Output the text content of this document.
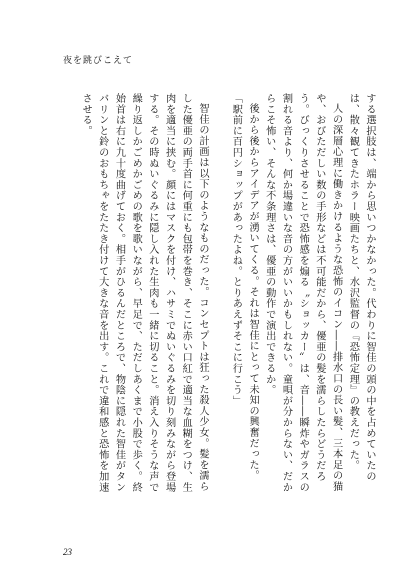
夜を跳びこえて

する選択肢は、端から思いつかなかった。代わりに智佳の頭の中を占めていたのは、散々観てきたホラー映画たちと、水沢監督の『恐怖定理』の教えだった。

人の深層心理に働きかけるような恐怖のイコン――排水口の長い髪、三本足の猫や、おびただしい数の手形などは不可能だから、優亜の髪を濡らしたらどうだろう。びっくりさせることで恐怖感を煽る〝ショッカー〟は、音――瞬炸やガラスの割れる音より、何か場違いな音の方がいいかもしれない。童唄が分からない、だからこそ怖い、そんな不条理さは、優亜の動作で演出できるか。

後から後からアイデアが湧いてくる。それは智佳にとって未知の興奮だった。

「駅前に百円ショップがあったよね。とりあえずそこに行こう」

智佳の計画は以下のようなものだった。コンセプトは狂った殺人少女。髪を濡らした優亜の両手首に何重にも包帯を巻き、そこに赤い口紅で適当な血糊をつけ、生肉を適当に挟む。顔にはマスクを付け、ハサミでぬいぐるみを切り刻みながら登場する。その時ぬいぐるみに隠し入れた生肉も一緒に切ること。消え入りそうな声で繰り返しかごめかごめの歌を歌いながら、早足で、ただしあくまで小股で歩く。終始首は右に九十度曲げておく。相手がひるんだところで、物陰に隠れた智佳がタンバリンと鈴のおもちゃをたたき付けて大きな音を出す。これで違和感と恐怖を加速させる。

23
